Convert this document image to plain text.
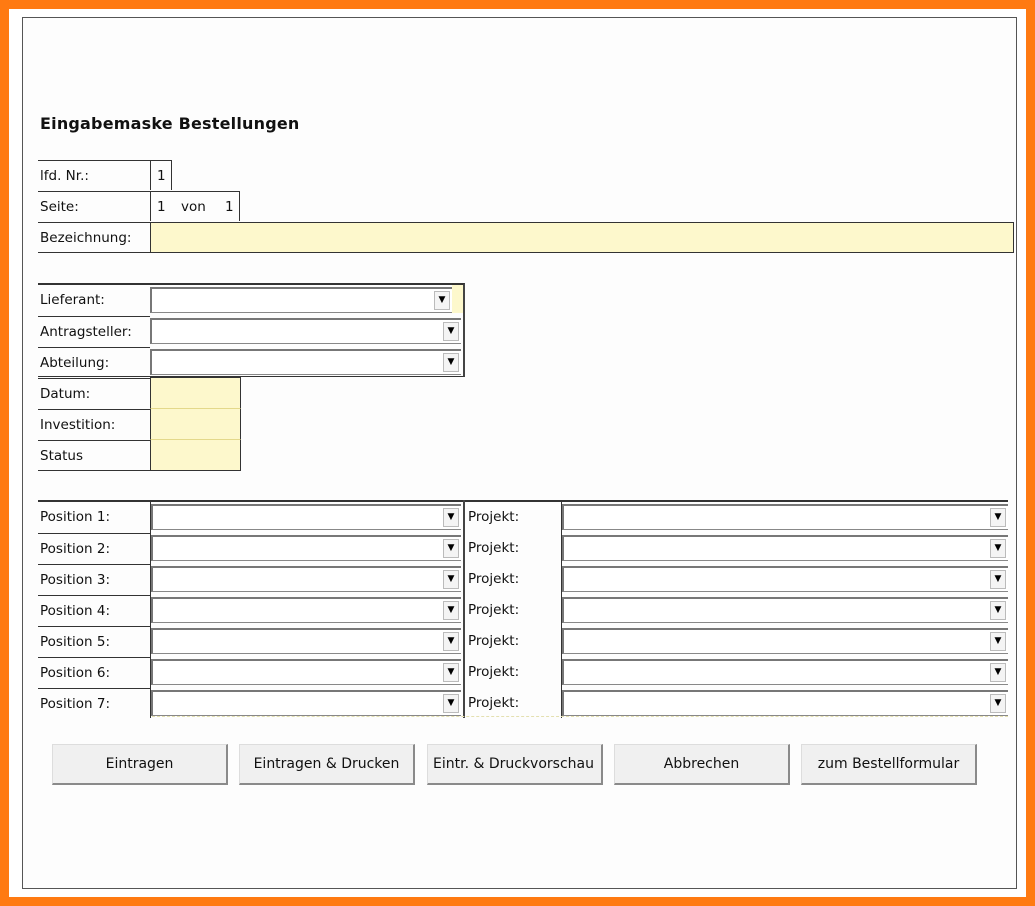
Eingabemaske Bestellungen
lfd. Nr.:	1
Seite:	1 von 1
Bezeichnung:
Lieferant:	▼
Antragsteller:	▼
Abteilung:	▼
Datum:
Investition:
Status
Position 1:	▼	Projekt:	▼
Position 2:	▼	Projekt:	▼
Position 3:	▼	Projekt:	▼
Position 4:	▼	Projekt:	▼
Position 5:	▼	Projekt:	▼
Position 6:	▼	Projekt:	▼
Position 7:	▼	Projekt:	▼
Eintragen	Eintragen & Drucken	Eintr. & Druckvorschau	Abbrechen	zum Bestellformular
